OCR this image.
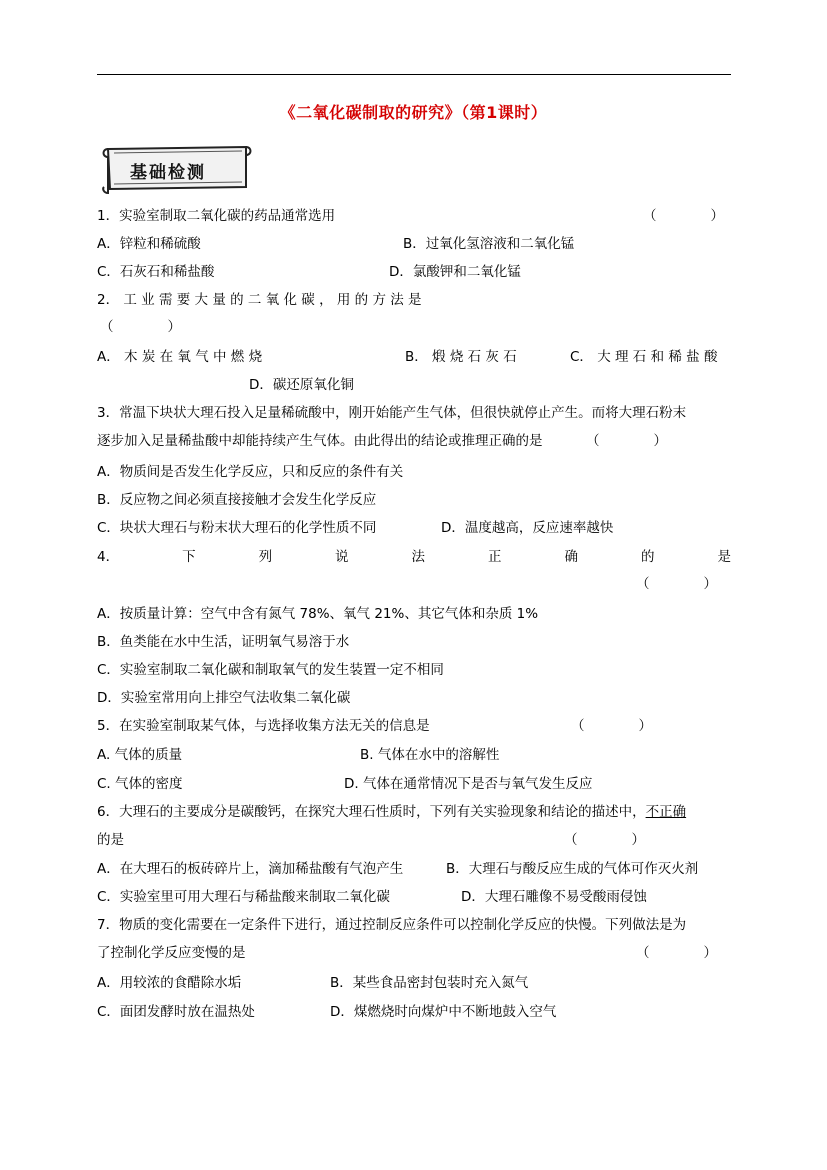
《二氧化碳制取的研究》（第1课时）
基础检测
1．实验室制取二氧化碳的药品通常选用	（　　　　）
A．锌粒和稀硫酸	B．过氧化氢溶液和二氧化锰
C．石灰石和稀盐酸	D．氯酸钾和二氧化锰
2． 工 业 需 要 大 量 的 二 氧 化 碳 ， 用 的 方 法 是
（　　　　）
A． 木 炭 在 氧 气 中 燃 烧	B． 煅 烧 石 灰 石	C． 大 理 石 和 稀 盐 酸
D．碳还原氧化铜
3．常温下块状大理石投入足量稀硫酸中，刚开始能产生气体，但很快就停止产生。而将大理石粉末
逐步加入足量稀盐酸中却能持续产生气体。由此得出的结论或推理正确的是	（　　　　）
A．物质间是否发生化学反应，只和反应的条件有关
B．反应物之间必须直接接触才会发生化学反应
C．块状大理石与粉末状大理石的化学性质不同	D．温度越高，反应速率越快
4．	下	列	说	法	正	确	的	是
（　　　　）
A．按质量计算：空气中含有氮气 78%、氧气 21%、其它气体和杂质 1%
B．鱼类能在水中生活，证明氧气易溶于水
C．实验室制取二氧化碳和制取氧气的发生装置一定不相同
D．实验室常用向上排空气法收集二氧化碳
5．在实验室制取某气体，与选择收集方法无关的信息是	（　　　　）
A. 气体的质量	B. 气体在水中的溶解性
C. 气体的密度	D. 气体在通常情况下是否与氧气发生反应
6．大理石的主要成分是碳酸钙，在探究大理石性质时，下列有关实验现象和结论的描述中，不正确
的是	（　　　　）
A．在大理石的板砖碎片上，滴加稀盐酸有气泡产生	B．大理石与酸反应生成的气体可作灭火剂
C．实验室里可用大理石与稀盐酸来制取二氧化碳	D．大理石雕像不易受酸雨侵蚀
7．物质的变化需要在一定条件下进行，通过控制反应条件可以控制化学反应的快慢。下列做法是为
了控制化学反应变慢的是	（　　　　）
A．用较浓的食醋除水垢	B．某些食品密封包装时充入氮气
C．面团发酵时放在温热处	D．煤燃烧时向煤炉中不断地鼓入空气
